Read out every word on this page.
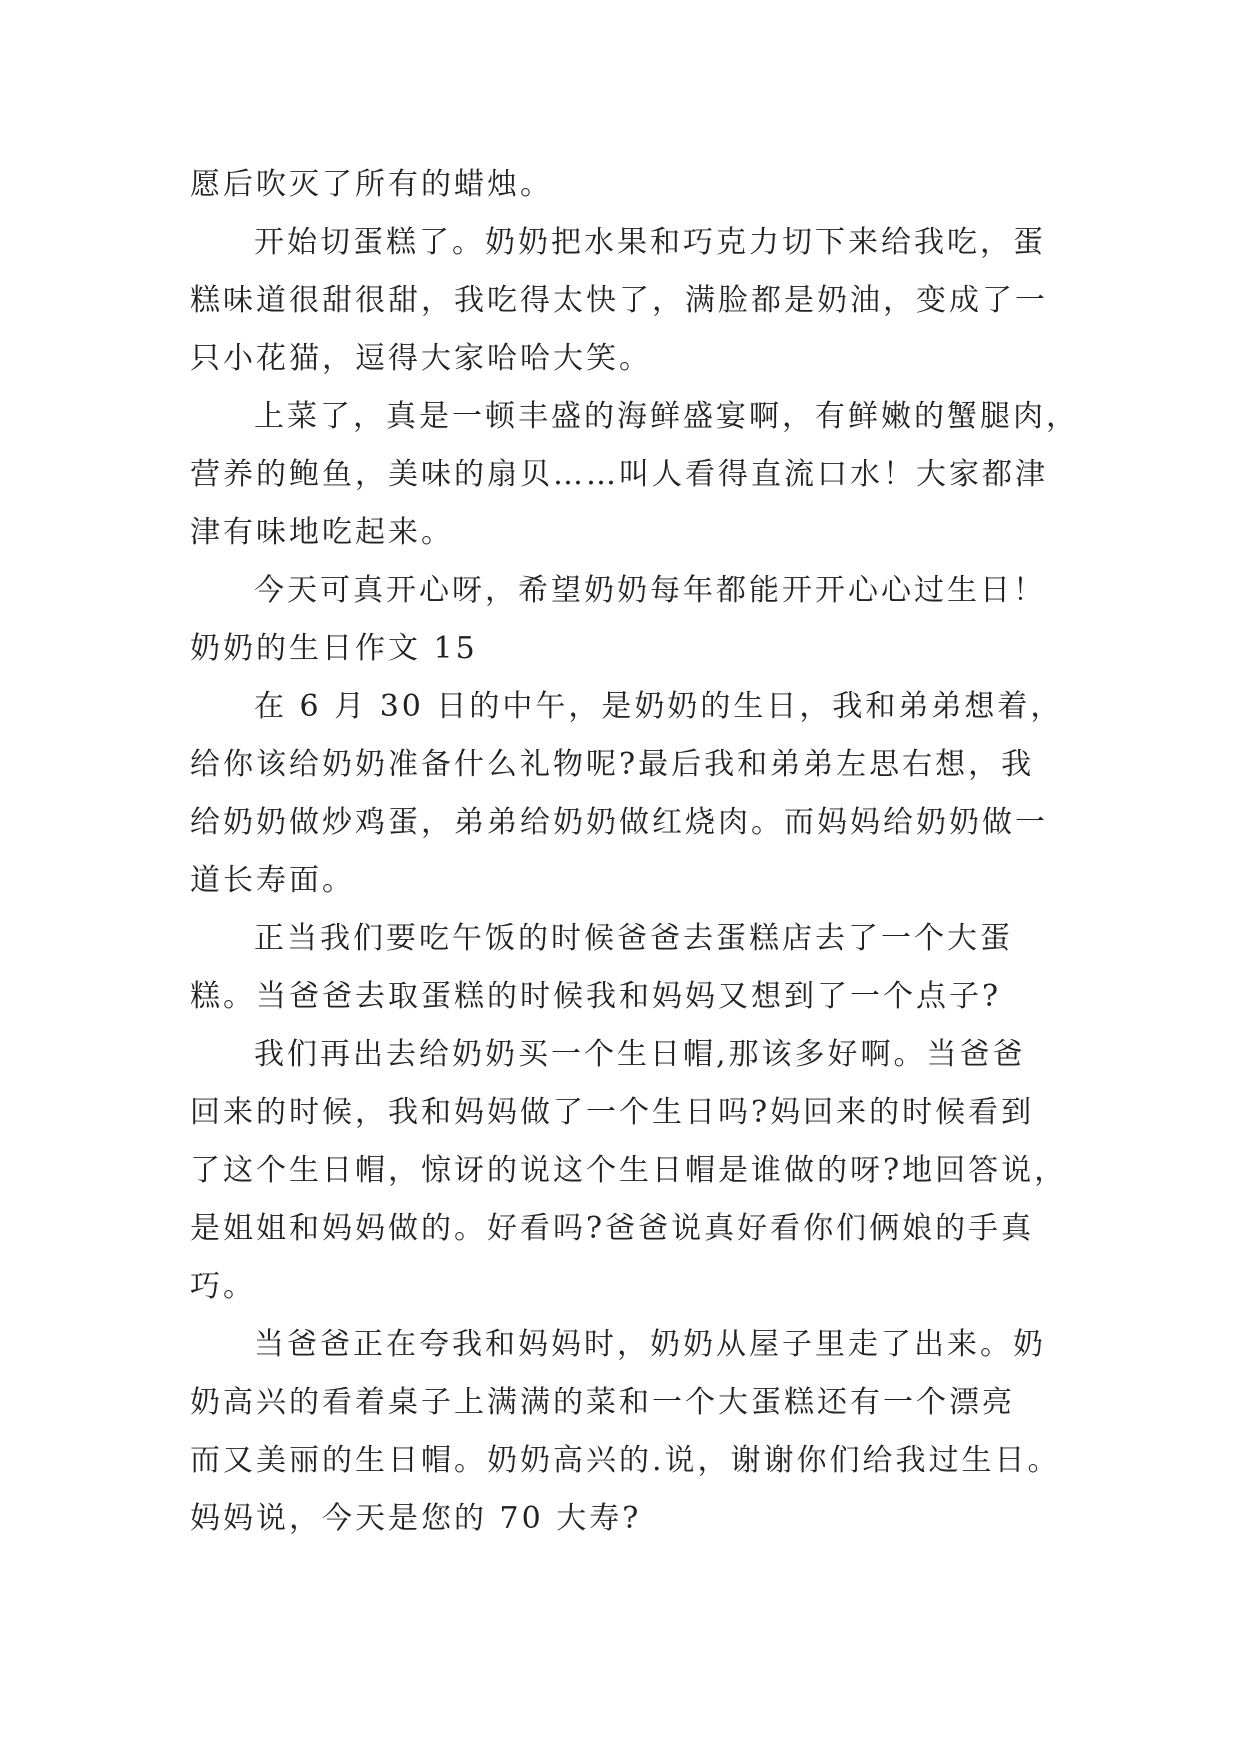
愿后吹灭了所有的蜡烛。
开始切蛋糕了。奶奶把水果和巧克力切下来给我吃，蛋
糕味道很甜很甜，我吃得太快了，满脸都是奶油，变成了一
只小花猫，逗得大家哈哈大笑。
上菜了，真是一顿丰盛的海鲜盛宴啊，有鲜嫩的蟹腿肉，
营养的鲍鱼，美味的扇贝……叫人看得直流口水！大家都津
津有味地吃起来。
今天可真开心呀，希望奶奶每年都能开开心心过生日！
奶奶的生日作文 15
在 6 月 30 日的中午，是奶奶的生日，我和弟弟想着，
给你该给奶奶准备什么礼物呢?最后我和弟弟左思右想，我
给奶奶做炒鸡蛋，弟弟给奶奶做红烧肉。而妈妈给奶奶做一
道长寿面。
正当我们要吃午饭的时候爸爸去蛋糕店去了一个大蛋
糕。当爸爸去取蛋糕的时候我和妈妈又想到了一个点子?
我们再出去给奶奶买一个生日帽,那该多好啊。当爸爸
回来的时候，我和妈妈做了一个生日吗?妈回来的时候看到
了这个生日帽，惊讶的说这个生日帽是谁做的呀?地回答说，
是姐姐和妈妈做的。好看吗?爸爸说真好看你们俩娘的手真
巧。
当爸爸正在夸我和妈妈时，奶奶从屋子里走了出来。奶
奶高兴的看着桌子上满满的菜和一个大蛋糕还有一个漂亮
而又美丽的生日帽。奶奶高兴的.说，谢谢你们给我过生日。
妈妈说，今天是您的 70 大寿?
